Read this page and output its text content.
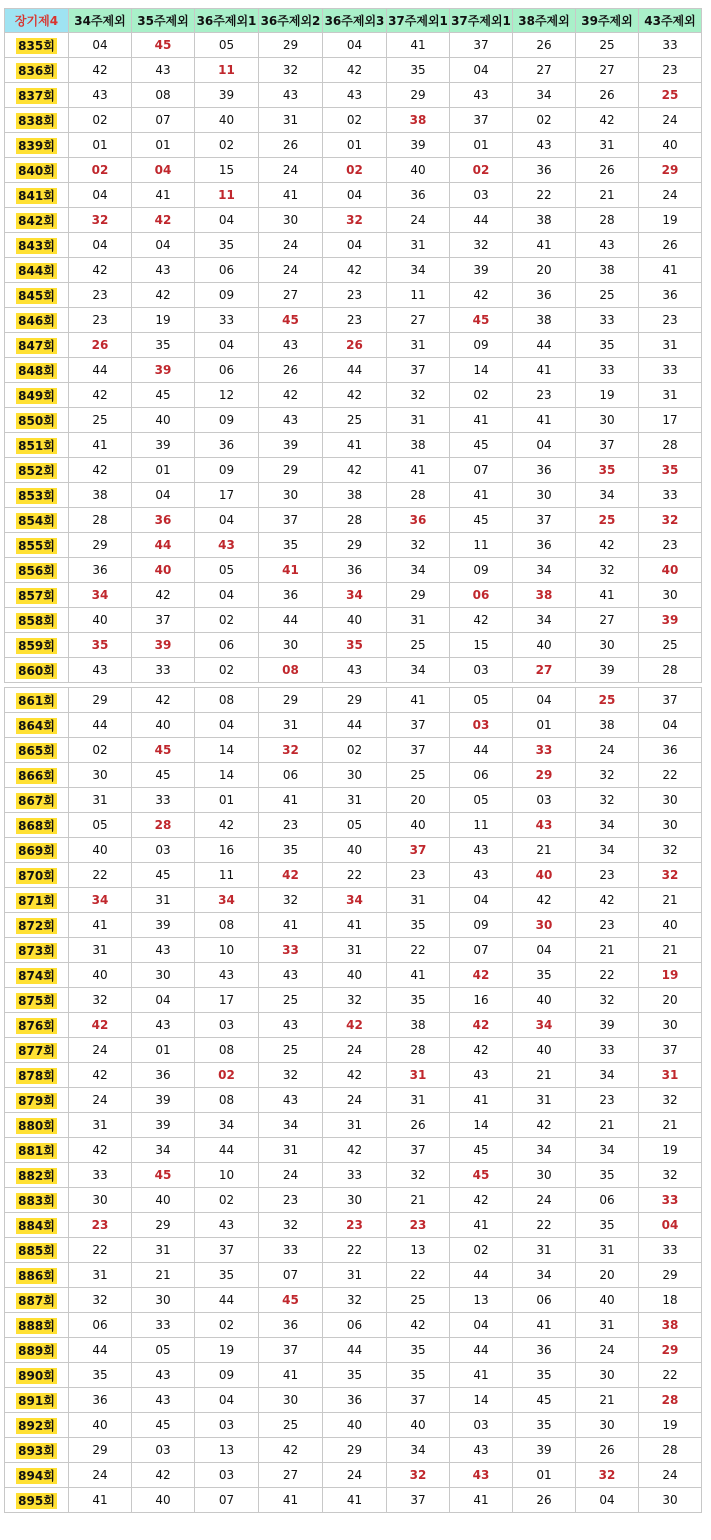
장기제4	34주제외	35주제외	36주제외1	36주제외2	36주제외3	37주제외1	37주제외1	38주제외	39주제외	43주제외
835회	04	45	05	29	04	41	37	26	25	33
836회	42	43	11	32	42	35	04	27	27	23
837회	43	08	39	43	43	29	43	34	26	25
838회	02	07	40	31	02	38	37	02	42	24
839회	01	01	02	26	01	39	01	43	31	40
840회	02	04	15	24	02	40	02	36	26	29
841회	04	41	11	41	04	36	03	22	21	24
842회	32	42	04	30	32	24	44	38	28	19
843회	04	04	35	24	04	31	32	41	43	26
844회	42	43	06	24	42	34	39	20	38	41
845회	23	42	09	27	23	11	42	36	25	36
846회	23	19	33	45	23	27	45	38	33	23
847회	26	35	04	43	26	31	09	44	35	31
848회	44	39	06	26	44	37	14	41	33	33
849회	42	45	12	42	42	32	02	23	19	31
850회	25	40	09	43	25	31	41	41	30	17
851회	41	39	36	39	41	38	45	04	37	28
852회	42	01	09	29	42	41	07	36	35	35
853회	38	04	17	30	38	28	41	30	34	33
854회	28	36	04	37	28	36	45	37	25	32
855회	29	44	43	35	29	32	11	36	42	23
856회	36	40	05	41	36	34	09	34	32	40
857회	34	42	04	36	34	29	06	38	41	30
858회	40	37	02	44	40	31	42	34	27	39
859회	35	39	06	30	35	25	15	40	30	25
860회	43	33	02	08	43	34	03	27	39	28

861회	29	42	08	29	29	41	05	04	25	37
864회	44	40	04	31	44	37	03	01	38	04
865회	02	45	14	32	02	37	44	33	24	36
866회	30	45	14	06	30	25	06	29	32	22
867회	31	33	01	41	31	20	05	03	32	30
868회	05	28	42	23	05	40	11	43	34	30
869회	40	03	16	35	40	37	43	21	34	32
870회	22	45	11	42	22	23	43	40	23	32
871회	34	31	34	32	34	31	04	42	42	21
872회	41	39	08	41	41	35	09	30	23	40
873회	31	43	10	33	31	22	07	04	21	21
874회	40	30	43	43	40	41	42	35	22	19
875회	32	04	17	25	32	35	16	40	32	20
876회	42	43	03	43	42	38	42	34	39	30
877회	24	01	08	25	24	28	42	40	33	37
878회	42	36	02	32	42	31	43	21	34	31
879회	24	39	08	43	24	31	41	31	23	32
880회	31	39	34	34	31	26	14	42	21	21
881회	42	34	44	31	42	37	45	34	34	19
882회	33	45	10	24	33	32	45	30	35	32
883회	30	40	02	23	30	21	42	24	06	33
884회	23	29	43	32	23	23	41	22	35	04
885회	22	31	37	33	22	13	02	31	31	33
886회	31	21	35	07	31	22	44	34	20	29
887회	32	30	44	45	32	25	13	06	40	18
888회	06	33	02	36	06	42	04	41	31	38
889회	44	05	19	37	44	35	44	36	24	29
890회	35	43	09	41	35	35	41	35	30	22
891회	36	43	04	30	36	37	14	45	21	28
892회	40	45	03	25	40	40	03	35	30	19
893회	29	03	13	42	29	34	43	39	26	28
894회	24	42	03	27	24	32	43	01	32	24
895회	41	40	07	41	41	37	41	26	04	30
